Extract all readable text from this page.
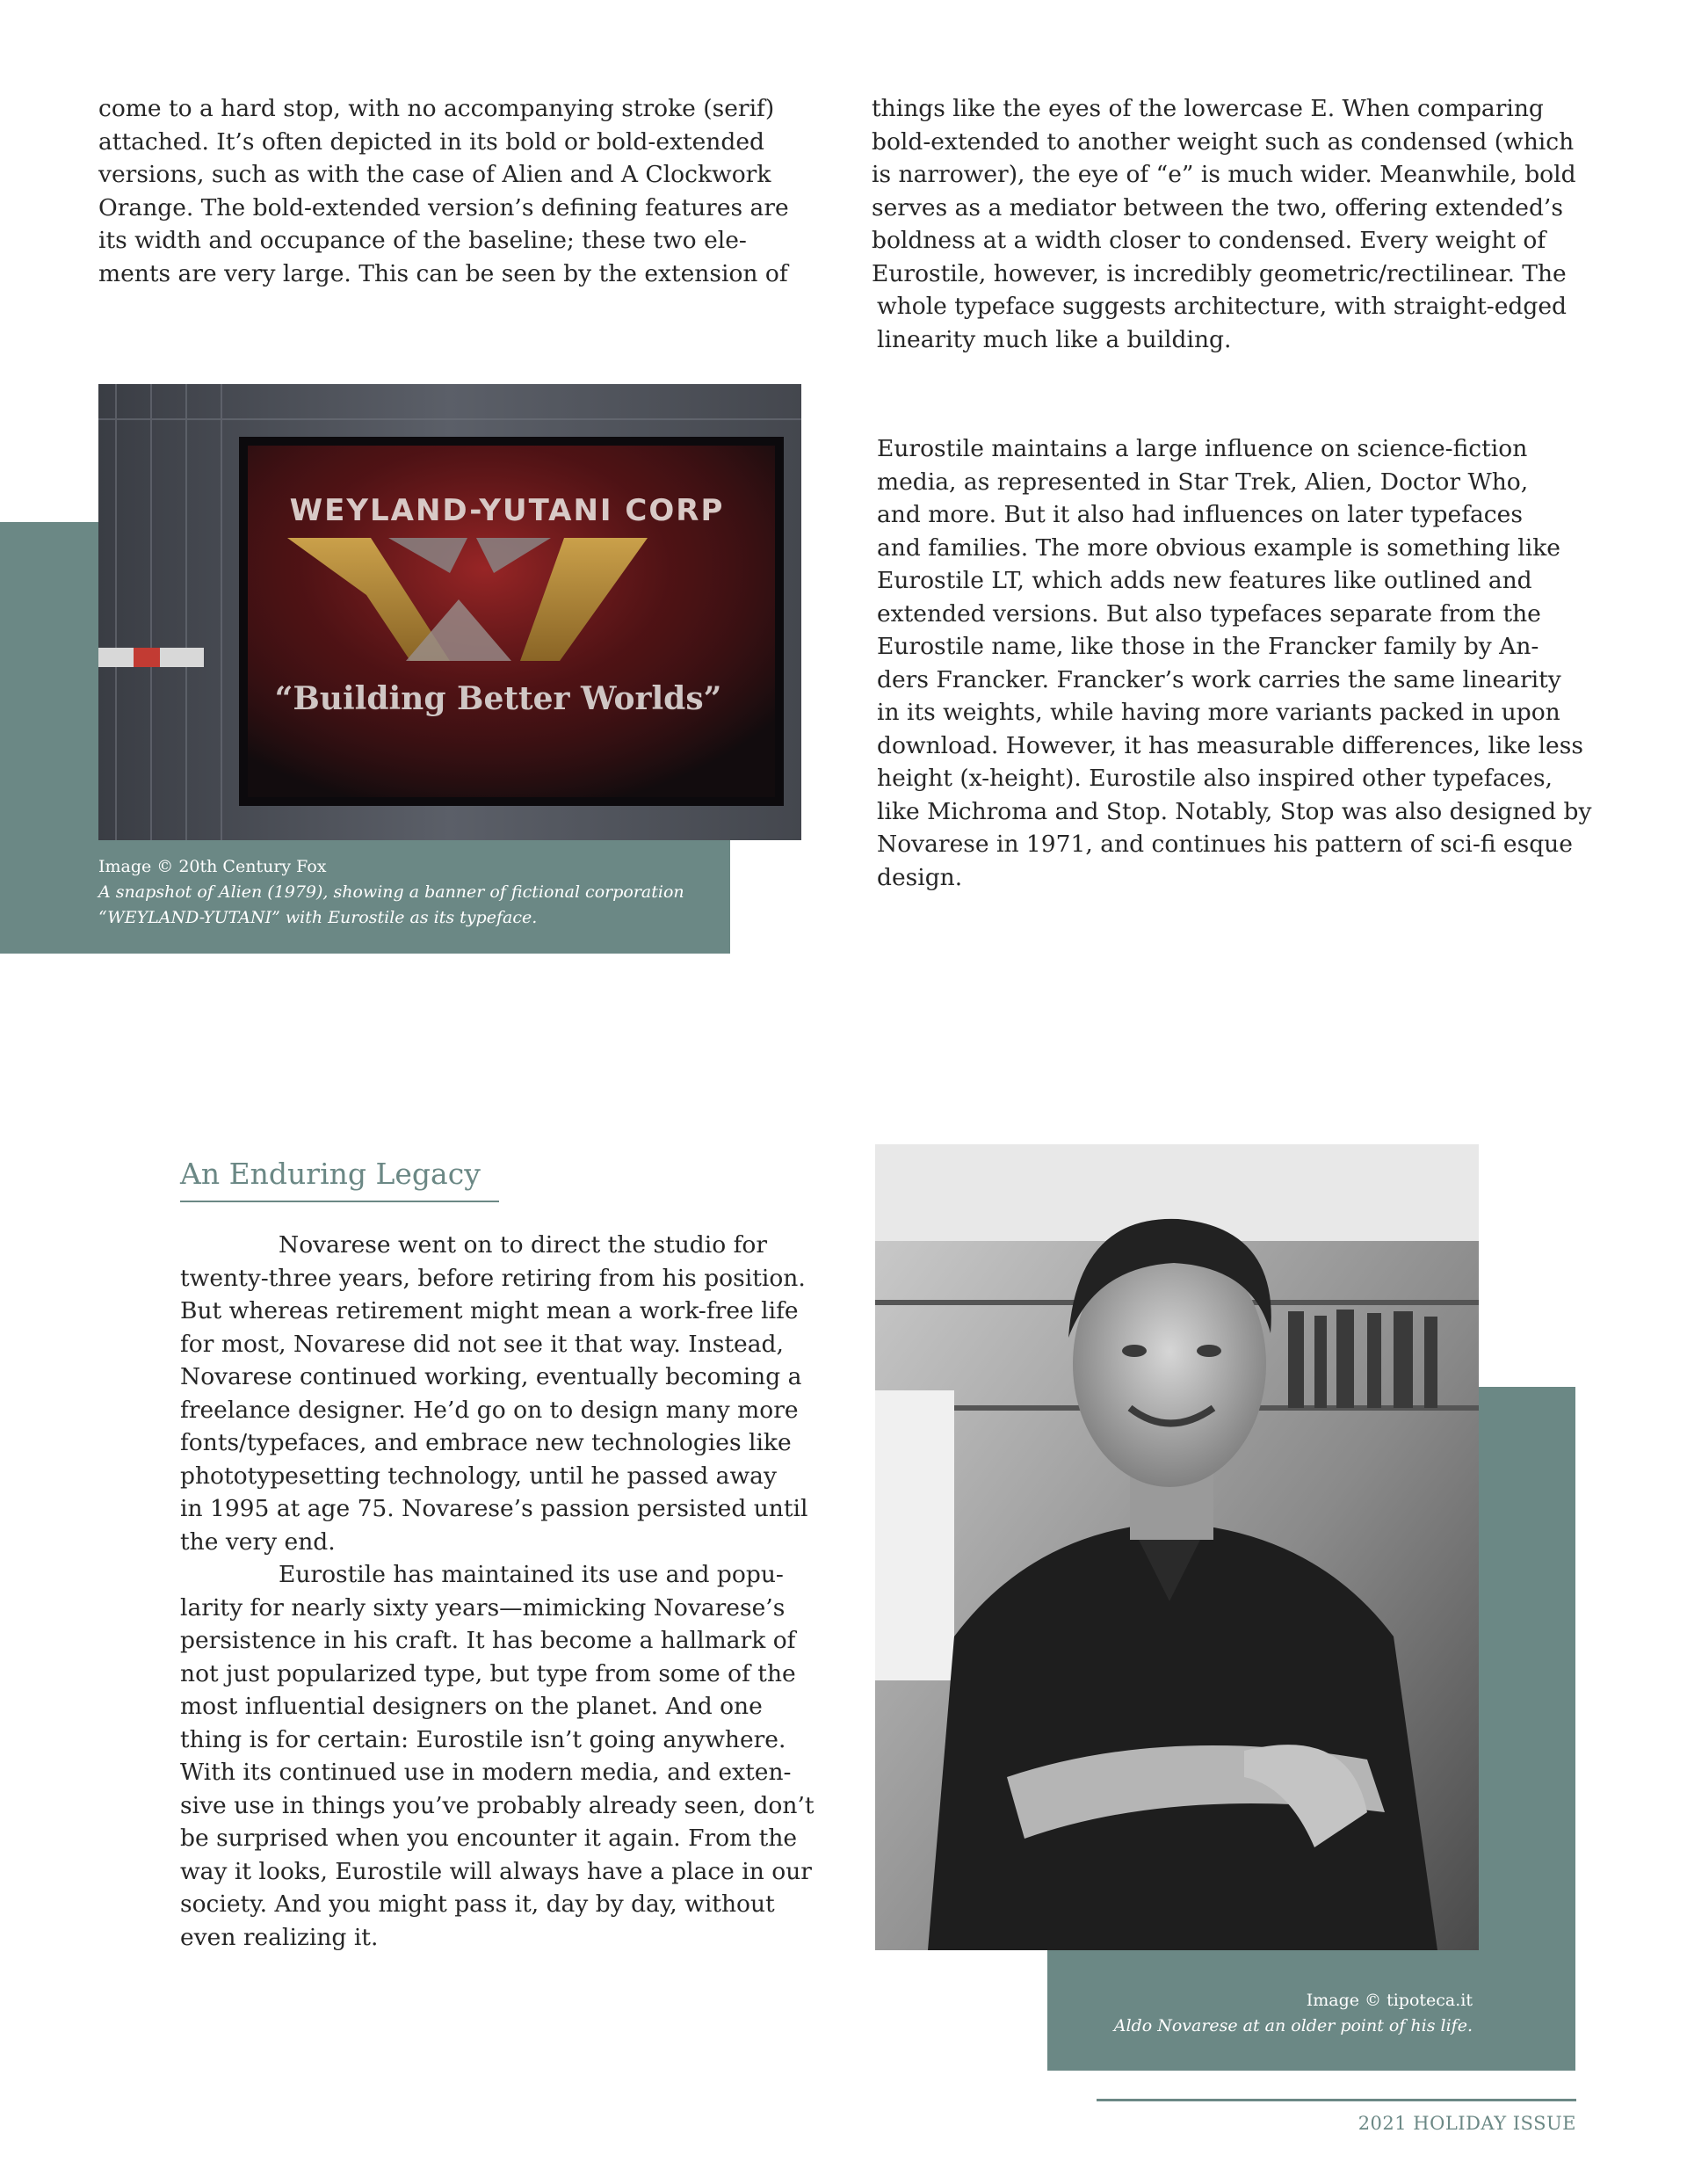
come to a hard stop, with no accompanying stroke (serif)
attached. It’s often depicted in its bold or bold-extended
versions, such as with the case of Alien and A Clockwork
Orange. The bold-extended version’s defining features are
its width and occupance of the baseline; these two ele-
ments are very large. This can be seen by the extension of
things like the eyes of the lowercase E. When comparing
bold-extended to another weight such as condensed (which
is narrower), the eye of “e” is much wider. Meanwhile, bold
serves as a mediator between the two, offering extended’s
boldness at a width closer to condensed. Every weight of
Eurostile, however, is incredibly geometric/rectilinear. The
whole typeface suggests architecture, with straight-edged
linearity much like a building.
Eurostile maintains a large influence on science-fiction
media, as represented in Star Trek, Alien, Doctor Who,
and more. But it also had influences on later typefaces
and families. The more obvious example is something like
Eurostile LT, which adds new features like outlined and
extended versions. But also typefaces separate from the
Eurostile name, like those in the Francker family by An-
ders Francker. Francker’s work carries the same linearity
in its weights, while having more variants packed in upon
download. However, it has measurable differences, like less
height (x-height). Eurostile also inspired other typefaces,
like Michroma and Stop. Notably, Stop was also designed by
Novarese in 1971, and continues his pattern of sci-fi esque
design.
WEYLAND-YUTANI CORP
“Building Better Worlds”
Image © 20th Century Fox
A snapshot of Alien (1979), showing a banner of fictional corporation
“WEYLAND-YUTANI” with Eurostile as its typeface.
An Enduring Legacy
Novarese went on to direct the studio for
twenty-three years, before retiring from his position.
But whereas retirement might mean a work-free life
for most, Novarese did not see it that way. Instead,
Novarese continued working, eventually becoming a
freelance designer. He’d go on to design many more
fonts/typefaces, and embrace new technologies like
phototypesetting technology, until he passed away
in 1995 at age 75. Novarese’s passion persisted until
the very end.
Eurostile has maintained its use and popu-
larity for nearly sixty years—mimicking Novarese’s
persistence in his craft. It has become a hallmark of
not just popularized type, but type from some of the
most influential designers on the planet. And one
thing is for certain: Eurostile isn’t going anywhere.
With its continued use in modern media, and exten-
sive use in things you’ve probably already seen, don’t
be surprised when you encounter it again. From the
way it looks, Eurostile will always have a place in our
society. And you might pass it, day by day, without
even realizing it.
Image © tipoteca.it
Aldo Novarese at an older point of his life.
2021 HOLIDAY ISSUE
